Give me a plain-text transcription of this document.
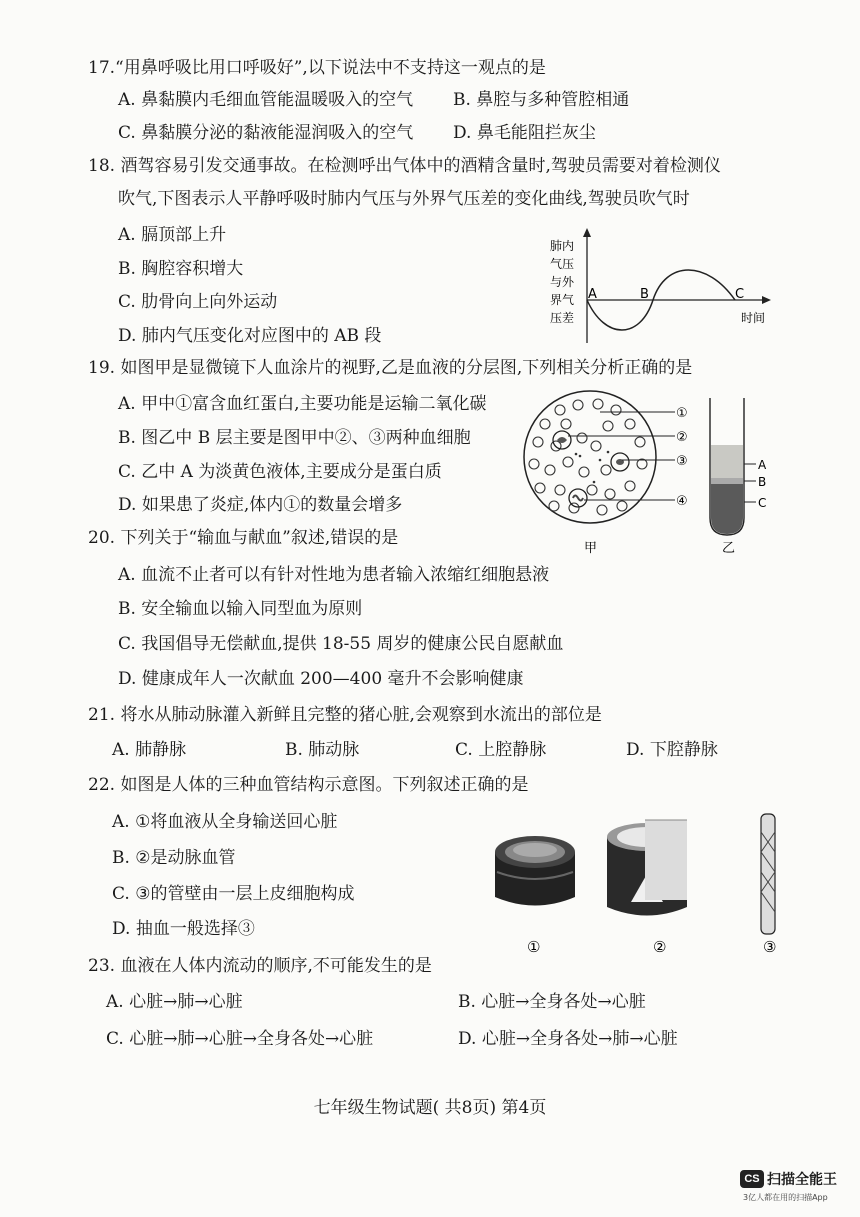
17.“用鼻呼吸比用口呼吸好”,以下说法中不支持这一观点的是
A. 鼻黏膜内毛细血管能温暖吸入的空气 B. 鼻腔与多种管腔相通
C. 鼻黏膜分泌的黏液能湿润吸入的空气 D. 鼻毛能阻拦灰尘
18. 酒驾容易引发交通事故。在检测呼出气体中的酒精含量时,驾驶员需要对着检测仪
吹气,下图表示人平静呼吸时肺内气压与外界气压差的变化曲线,驾驶员吹气时
A. 膈顶部上升
B. 胸腔容积增大
C. 肋骨向上向外运动
D. 肺内气压变化对应图中的 AB 段
肺内
气压
与外
界气
压差
A	B	C
时间
19. 如图甲是显微镜下人血涂片的视野,乙是血液的分层图,下列相关分析正确的是
A. 甲中①富含血红蛋白,主要功能是运输二氧化碳
B. 图乙中 B 层主要是图甲中②、③两种血细胞
C. 乙中 A 为淡黄色液体,主要成分是蛋白质
D. 如果患了炎症,体内①的数量会增多
①
②
③
④
甲
A
B
C
乙
20. 下列关于“输血与献血”叙述,错误的是
A. 血流不止者可以有针对性地为患者输入浓缩红细胞悬液
B. 安全输血以输入同型血为原则
C. 我国倡导无偿献血,提供 18-55 周岁的健康公民自愿献血
D. 健康成年人一次献血 200—400 毫升不会影响健康
21. 将水从肺动脉灌入新鲜且完整的猪心脏,会观察到水流出的部位是
A. 肺静脉	B. 肺动脉	C. 上腔静脉	D. 下腔静脉
22. 如图是人体的三种血管结构示意图。下列叙述正确的是
A. ①将血液从全身输送回心脏
B. ②是动脉血管
C. ③的管壁由一层上皮细胞构成
D. 抽血一般选择③
①	②	③
23. 血液在人体内流动的顺序,不可能发生的是
A. 心脏→肺→心脏	B. 心脏→全身各处→心脏
C. 心脏→肺→心脏→全身各处→心脏	D. 心脏→全身各处→肺→心脏
七年级生物试题( 共8页) 第4页
CS 扫描全能王
3亿人都在用的扫描App
